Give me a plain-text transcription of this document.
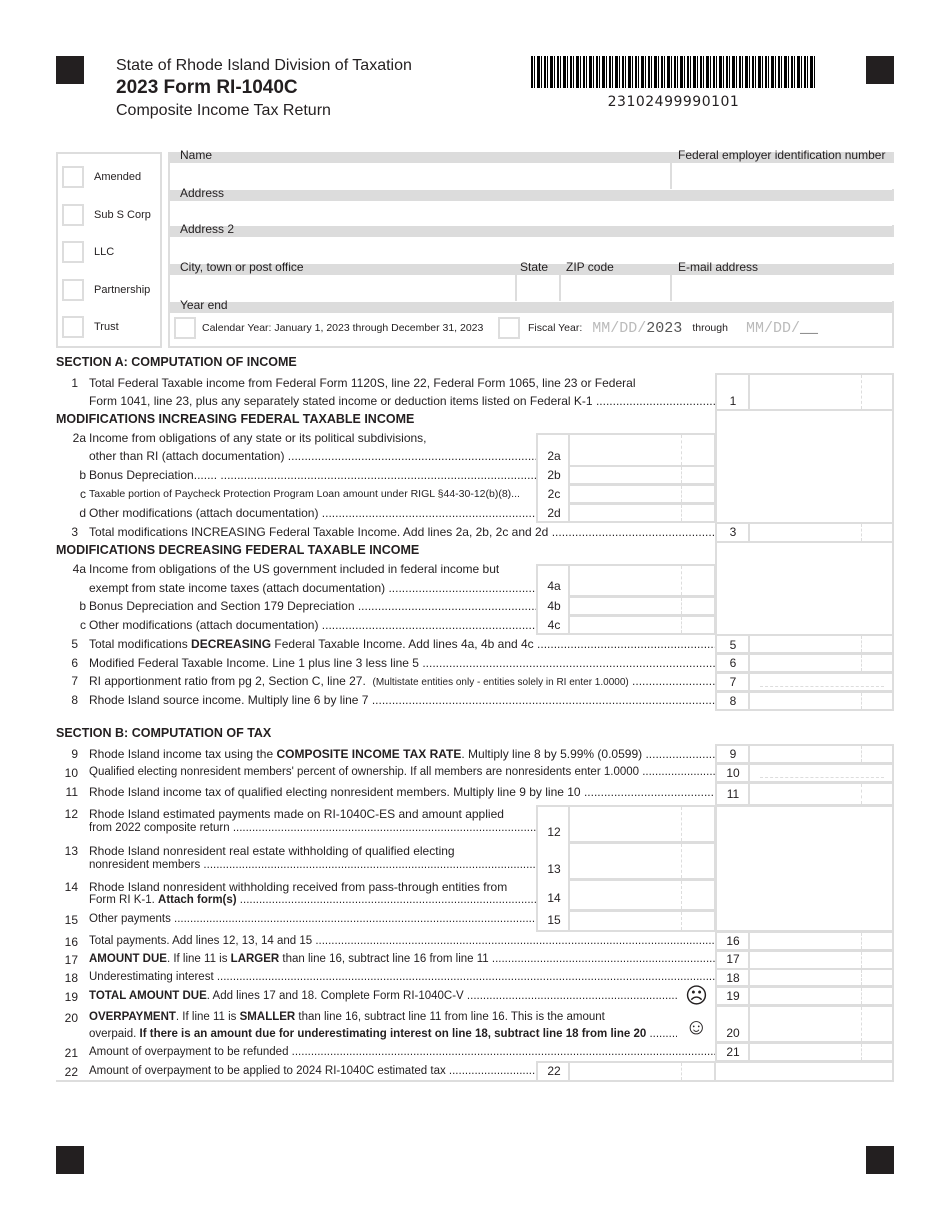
State of Rhode Island Division of Taxation
2023 Form RI-1040C
Composite Income Tax Return	23102499990101
Amended
Sub S Corp
LLC
Partnership
Trust
Name	Federal employer identification number
Address
Address 2
City, town or post office	State ZIP code	E-mail address
Year end
Calendar Year: January 1, 2023 through December 31, 2023	Fiscal Year: MM/DD/2023 through MM/DD/__
SECTION A: COMPUTATION OF INCOME
1 Total Federal Taxable income from Federal Form 1120S, line 22, Federal Form 1065, line 23 or Federal
Form 1041, line 23, plus any separately stated income or deduction items listed on Federal K-1 .....	1
MODIFICATIONS INCREASING FEDERAL TAXABLE INCOME
2a Income from obligations of any state or its political subdivisions,
other than RI (attach documentation) .....	2a
b Bonus Depreciation....... .....	2b
c Taxable portion of Paycheck Protection Program Loan amount under RIGL §44-30-12(b)(8)...	2c
d Other modifications (attach documentation) .....	2d
3 Total modifications INCREASING Federal Taxable Income. Add lines 2a, 2b, 2c and 2d .....	3
MODIFICATIONS DECREASING FEDERAL TAXABLE INCOME
4a Income from obligations of the US government included in federal income but
exempt from state income taxes (attach documentation) .....	4a
b Bonus Depreciation and Section 179 Depreciation .....	4b
c Other modifications (attach documentation) .....	4c
5 Total modifications DECREASING Federal Taxable Income. Add lines 4a, 4b and 4c .....	5
6 Modified Federal Taxable Income. Line 1 plus line 3 less line 5 .....	6
7 RI apportionment ratio from pg 2, Section C, line 27. (Multistate entities only - entities solely in RI enter 1.0000) .....	7
8 Rhode Island source income. Multiply line 6 by line 7 .....	8
SECTION B: COMPUTATION OF TAX
9 Rhode Island income tax using the COMPOSITE INCOME TAX RATE. Multiply line 8 by 5.99% (0.0599) .....	9
10 Qualified electing nonresident members' percent of ownership. If all members are nonresidents enter 1.0000 .....	10
11 Rhode Island income tax of qualified electing nonresident members. Multiply line 9 by line 10 .....	11
12 Rhode Island estimated payments made on RI-1040C-ES and amount applied
from 2022 composite return .....	12
13 Rhode Island nonresident real estate withholding of qualified electing
nonresident members .....	13
14 Rhode Island nonresident withholding received from pass-through entities from
Form RI K-1. Attach form(s) .....	14
15 Other payments .....	15
16 Total payments. Add lines 12, 13, 14 and 15 .....	16
17 AMOUNT DUE. If line 11 is LARGER than line 16, subtract line 16 from line 11 .....	17
18 Underestimating interest .....	18
19 TOTAL AMOUNT DUE. Add lines 17 and 18. Complete Form RI-1040C-V .....	☹	19
20 OVERPAYMENT. If line 11 is SMALLER than line 16, subtract line 11 from line 16. This is the amount
overpaid. If there is an amount due for underestimating interest on line 18, subtract line 18 from line 20 .....	☺	20
21 Amount of overpayment to be refunded .....	21
22 Amount of overpayment to be applied to 2024 RI-1040C estimated tax .....	22
